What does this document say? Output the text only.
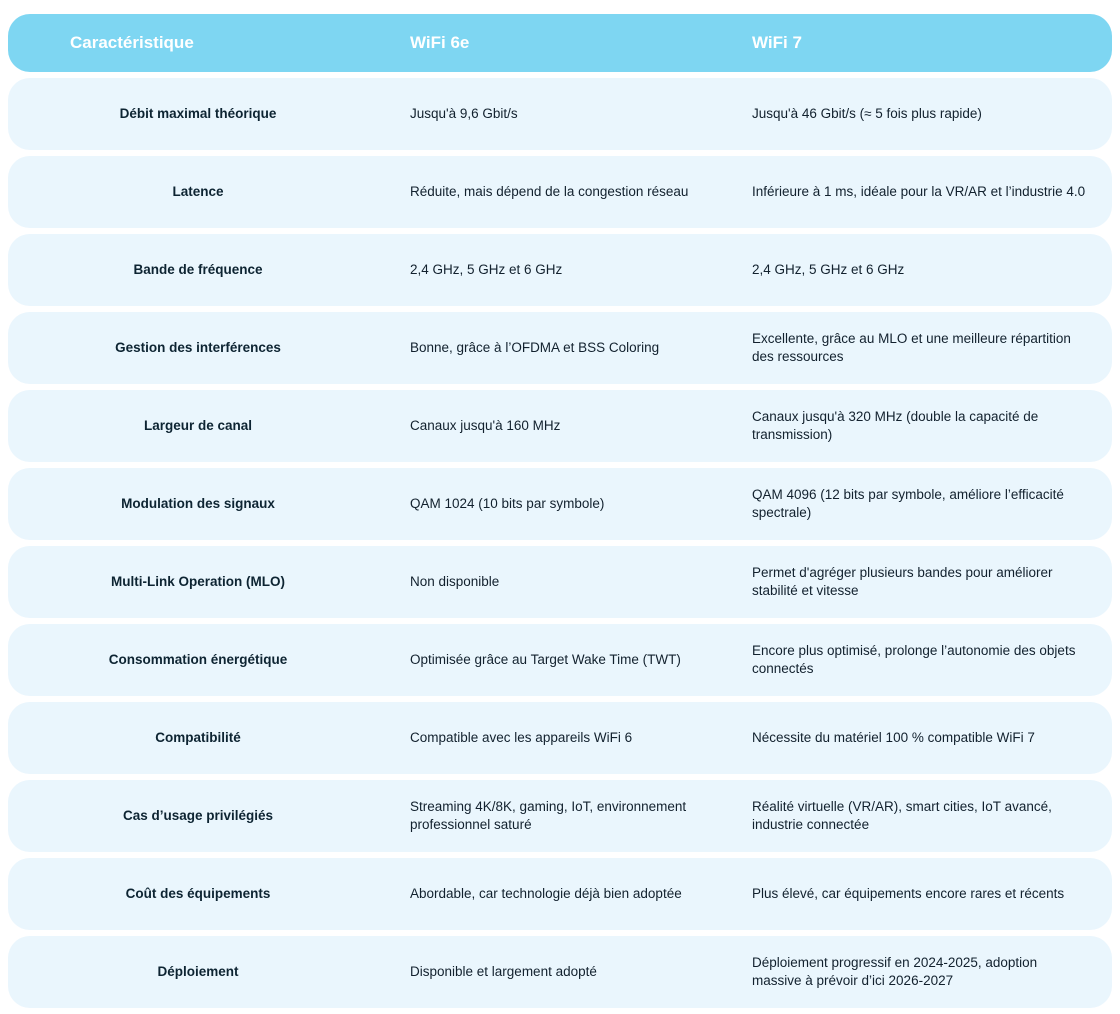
Caractéristique	WiFi 6e	WiFi 7
Débit maximal théorique	Jusqu'à 9,6 Gbit/s	Jusqu'à 46 Gbit/s (≈ 5 fois plus rapide)
Latence	Réduite, mais dépend de la congestion réseau	Inférieure à 1 ms, idéale pour la VR/AR et l’industrie 4.0
Bande de fréquence	2,4 GHz, 5 GHz et 6 GHz	2,4 GHz, 5 GHz et 6 GHz
Gestion des interférences	Bonne, grâce à l’OFDMA et BSS Coloring	Excellente, grâce au MLO et une meilleure répartition des ressources
Largeur de canal	Canaux jusqu'à 160 MHz	Canaux jusqu'à 320 MHz (double la capacité de transmission)
Modulation des signaux	QAM 1024 (10 bits par symbole)	QAM 4096 (12 bits par symbole, améliore l’efficacité spectrale)
Multi-Link Operation (MLO)	Non disponible	Permet d'agréger plusieurs bandes pour améliorer stabilité et vitesse
Consommation énergétique	Optimisée grâce au Target Wake Time (TWT)	Encore plus optimisé, prolonge l’autonomie des objets connectés
Compatibilité	Compatible avec les appareils WiFi 6	Nécessite du matériel 100 % compatible WiFi 7
Cas d’usage privilégiés	Streaming 4K/8K, gaming, IoT, environnement professionnel saturé	Réalité virtuelle (VR/AR), smart cities, IoT avancé, industrie connectée
Coût des équipements	Abordable, car technologie déjà bien adoptée	Plus élevé, car équipements encore rares et récents
Déploiement	Disponible et largement adopté	Déploiement progressif en 2024-2025, adoption massive à prévoir d’ici 2026-2027
